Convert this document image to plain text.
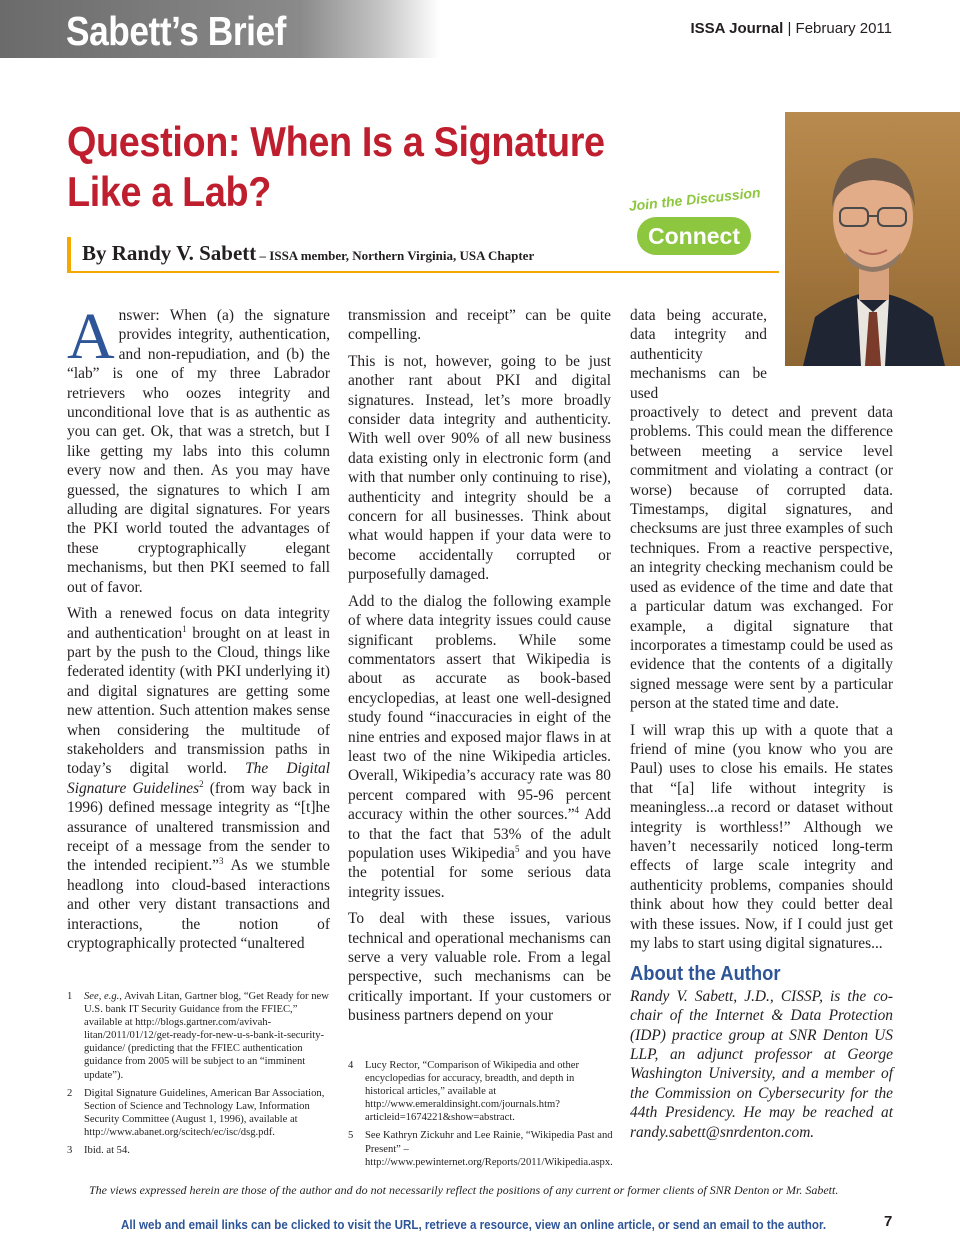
Sabett’s Brief	ISSA Journal | February 2011
Question: When Is a Signature
Like a Lab?	Join the Discussion
Connect
By Randy V. Sabett – ISSA member, Northern Virginia, USA Chapter

Answer: When (a) the signature provides integrity, authentication, and non-repudiation, and (b) the “lab” is one of my three Labrador retrievers who oozes integrity and unconditional love that is as authentic as you can get. Ok, that was a stretch, but I like getting my labs into this column every now and then. As you may have guessed, the signatures to which I am alluding are digital signatures. For years the PKI world touted the advantages of these cryptographically elegant mechanisms, but then PKI seemed to fall out of favor.

With a renewed focus on data integrity and authentication$^1$ brought on at least in part by the push to the Cloud, things like federated identity (with PKI underlying it) and digital signatures are getting some new attention. Such attention makes sense when considering the multitude of stakeholders and transmission paths in today’s digital world. The Digital Signature Guidelines$^2$ (from way back in 1996) defined message integrity as “[t]he assurance of unaltered transmission and receipt of a message from the sender to the intended recipient.”$^3$ As we stumble headlong into cloud-based interactions and other very distant transactions and interactions, the notion of cryptographically protected “unaltered

transmission and receipt” can be quite compelling.

This is not, however, going to be just another rant about PKI and digital signatures. Instead, let’s more broadly consider data integrity and authenticity. With well over 90% of all new business data existing only in electronic form (and with that number only continuing to rise), authenticity and integrity should be a concern for all businesses. Think about what would happen if your data were to become accidentally corrupted or purposefully damaged.

Add to the dialog the following example of where data integrity issues could cause significant problems. While some commentators assert that Wikipedia is about as accurate as book-based encyclopedias, at least one well-designed study found “inaccuracies in eight of the nine entries and exposed major flaws in at least two of the nine Wikipedia articles. Overall, Wikipedia’s accuracy rate was 80 percent compared with 95-96 percent accuracy within the other sources.”$^4$ Add to that the fact that 53% of the adult population uses Wikipedia$^5$ and you have the potential for some serious data integrity issues.

To deal with these issues, various technical and operational mechanisms can serve a very valuable role. From a legal perspective, such mechanisms can be critically important. If your customers or business partners depend on your

data being accurate, data integrity and authenticity mechanisms can be used
proactively to detect and prevent data problems. This could mean the difference between meeting a service level commitment and violating a contract (or worse) because of corrupted data. Timestamps, digital signatures, and checksums are just three examples of such techniques. From a reactive perspective, an integrity checking mechanism could be used as evidence of the time and date that a particular datum was exchanged. For example, a digital signature that incorporates a timestamp could be used as evidence that the contents of a digitally signed message were sent by a particular person at the stated time and date.

I will wrap this up with a quote that a friend of mine (you know who you are Paul) uses to close his emails. He states that “[a] life without integrity is meaningless...a record or dataset without integrity is worthless!” Although we haven’t necessarily noticed long-term effects of large scale integrity and authenticity problems, companies should think about how they could better deal with these issues. Now, if I could just get my labs to start using digital signatures...

About the Author
Randy V. Sabett, J.D., CISSP, is the co-chair of the Internet & Data Protection (IDP) practice group at SNR Denton US LLP, an adjunct professor at George Washington University, and a member of the Commission on Cybersecurity for the 44th Presidency. He may be reached at randy.sabett@snrdenton.com.
1	See, e.g., Avivah Litan, Gartner blog, “Get Ready for new U.S. bank IT Security Guidance from the FFIEC,” available at http://blogs.gartner.com/avivah-litan/2011/01/12/get-ready-for-new-u-s-bank-it-security-guidance/ (predicting that the FFIEC authentication guidance from 2005 will be subject to an “imminent update”).
2	Digital Signature Guidelines, American Bar Association, Section of Science and Technology Law, Information Security Committee (August 1, 1996), available at http://www.abanet.org/scitech/ec/isc/dsg.pdf.
3	Ibid. at 54.
4	Lucy Rector, “Comparison of Wikipedia and other encyclopedias for accuracy, breadth, and depth in historical articles,” available at http://www.emeraldinsight.com/journals.htm?articleid=1674221&show=abstract.
5	See Kathryn Zickuhr and Lee Rainie, “Wikipedia Past and Present” – http://www.pewinternet.org/Reports/2011/Wikipedia.aspx.
The views expressed herein are those of the author and do not necessarily reflect the positions of any current or former clients of SNR Denton or Mr. Sabett.
All web and email links can be clicked to visit the URL, retrieve a resource, view an online article, or send an email to the author.	7
